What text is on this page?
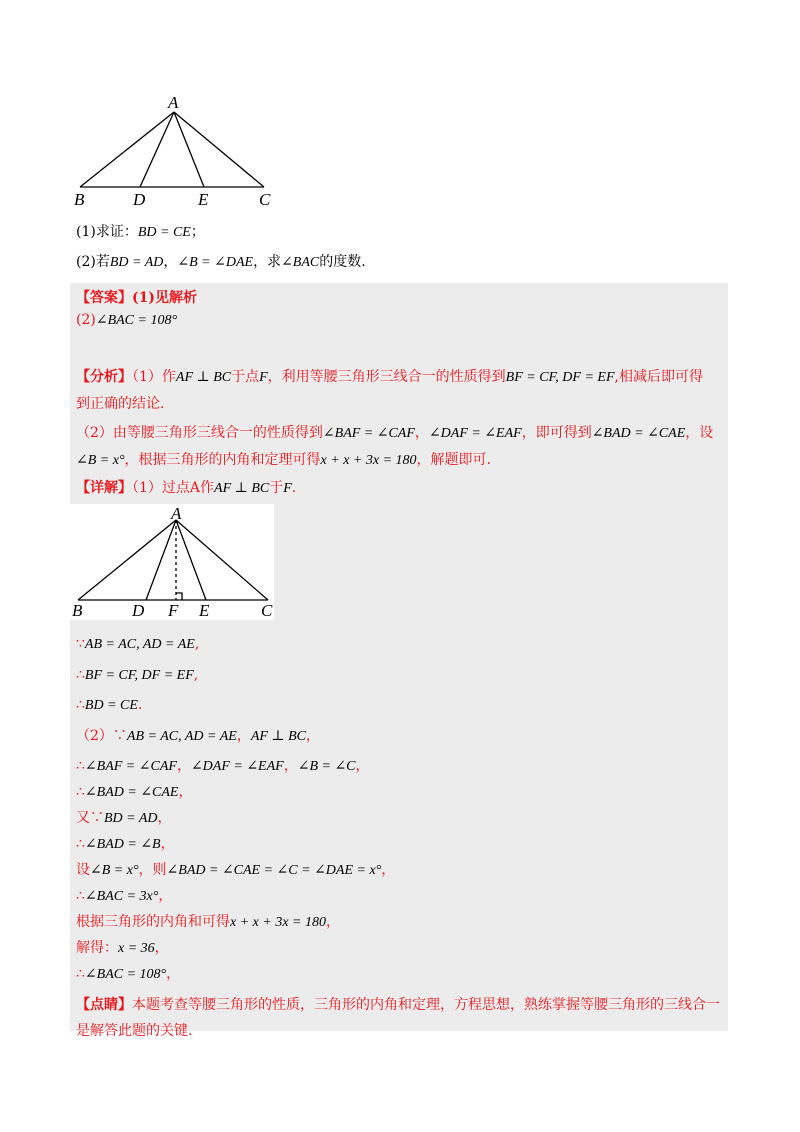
A
B	D	E	C
(1)求证：BD = CE；
(2)若BD = AD，∠B = ∠DAE，求∠BAC的度数.
【答案】(1)见解析
(2)∠BAC = 108°
【分析】（1）作AF ⊥ BC于点F，利用等腰三角形三线合一的性质得到BF = CF, DF = EF,相减后即可得
到正确的结论.
（2）由等腰三角形三线合一的性质得到∠BAF = ∠CAF，∠DAF = ∠EAF，即可得到∠BAD = ∠CAE，设
∠B = x°，根据三角形的内角和定理可得x + x + 3x = 180，解题即可.
【详解】（1）过点A作AF ⊥ BC于F.
A
B	D F E	C
∵AB = AC, AD = AE,
∴BF = CF, DF = EF,
∴BD = CE.
（2）∵AB = AC, AD = AE，AF ⊥ BC，
∴∠BAF = ∠CAF，∠DAF = ∠EAF，∠B = ∠C，
∴∠BAD = ∠CAE，
又∵BD = AD，
∴∠BAD = ∠B，
设∠B = x°，则∠BAD = ∠CAE = ∠C = ∠DAE = x°，
∴∠BAC = 3x°，
根据三角形的内角和可得x + x + 3x = 180，
解得：x = 36，
∴∠BAC = 108°，
【点睛】本题考查等腰三角形的性质，三角形的内角和定理，方程思想，熟练掌握等腰三角形的三线合一是解答此题的关键.
